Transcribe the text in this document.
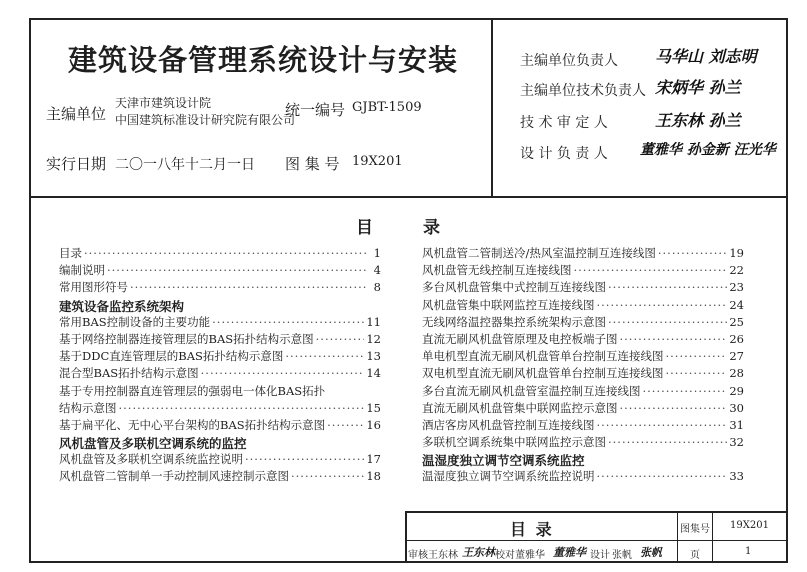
建筑设备管理系统设计与安装
主编单位
天津市建筑设计院
中国建筑标准设计研究院有限公司
统一编号 GJBT-1509
实行日期 二〇一八年十二月一日 图 集 号 19X201
主编单位负责人 马华山 刘志明
主编单位技术负责人 宋炳华 孙兰
技 术 审 定 人	王东林 孙兰
设 计 负 责 人 董雅华 孙金新 汪光华
目	录
目录 ·····	1
编制说明 ·····	4
常用图形符号 ·····	8
建筑设备监控系统架构
常用BAS控制设备的主要功能 ·····	11
基于网络控制器连接管理层的BAS拓扑结构示意图 ·····	12
基于DDC直连管理层的BAS拓扑结构示意图 ·····	13
混合型BAS拓扑结构示意图 ·····	14
基于专用控制器直连管理层的强弱电一体化BAS拓扑
结构示意图 ·····	15
基于扁平化、无中心平台架构的BAS拓扑结构示意图 ·····	16
风机盘管及多联机空调系统的监控
风机盘管及多联机空调系统监控说明 ·····	17
风机盘管二管制单一手动控制风速控制示意图 ·····	18
风机盘管二管制送冷/热风室温控制互连接线图 ·····	19
风机盘管无线控制互连接线图 ·····	22
多台风机盘管集中式控制互连接线图 ·····	23
风机盘管集中联网监控互连接线图 ·····	24
无线网络温控器集控系统架构示意图 ·····	25
直流无刷风机盘管原理及电控板端子图 ·····	26
单电机型直流无刷风机盘管单台控制互连接线图 ·····	27
双电机型直流无刷风机盘管单台控制互连接线图 ·····	28
多台直流无刷风机盘管室温控制互连接线图 ·····	29
直流无刷风机盘管集中联网监控示意图 ·····	30
酒店客房风机盘管控制互连接线图 ·····	31
多联机空调系统集中联网监控示意图 ·····	32
温湿度独立调节空调系统监控
温湿度独立调节空调系统监控说明 ·····	33
目 录	图集号 19X201
审核 王东林 王东林 校对 董雅华 董雅华 设计 张帆 张帆	页	1
